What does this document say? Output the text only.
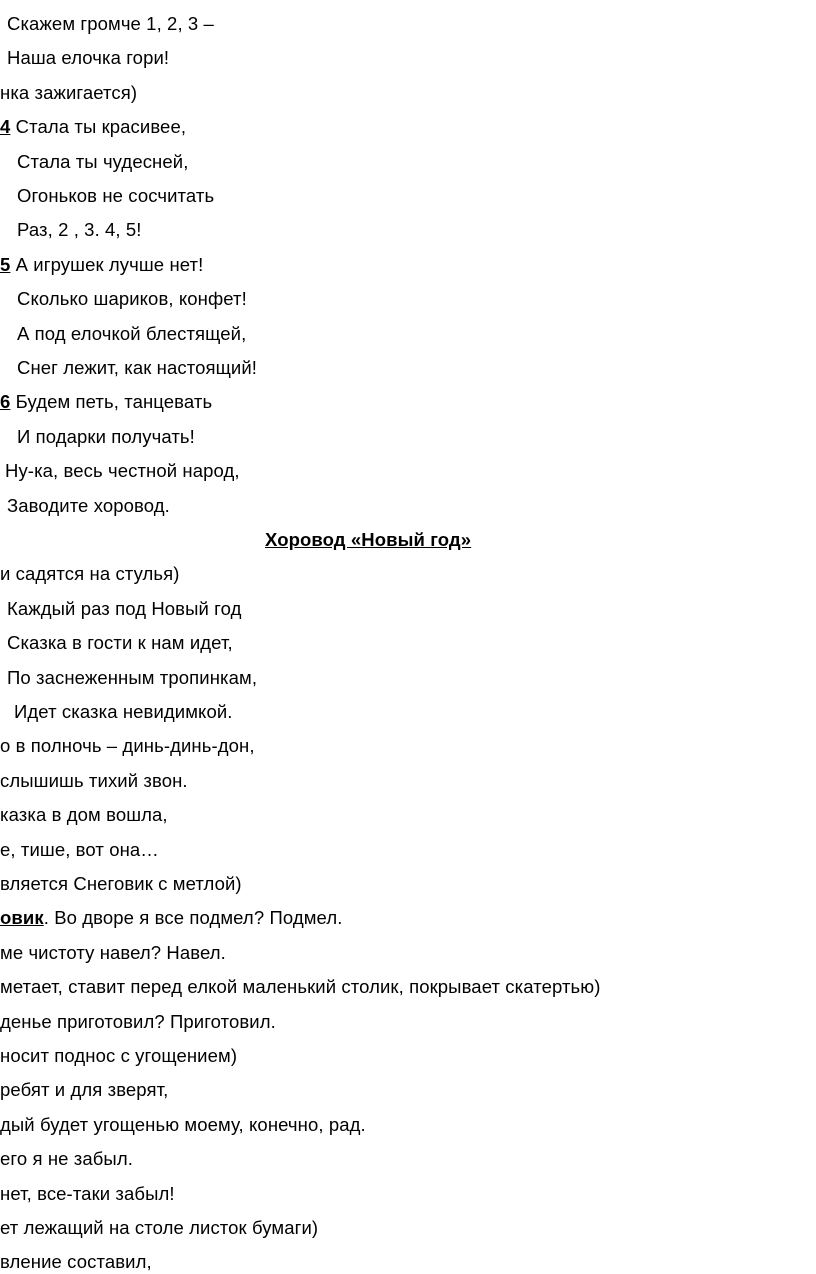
Скажем громче 1, 2, 3 –
Наша елочка гори!
нка зажигается)
4 Стала ты красивее,
Стала ты чудесней,
Огоньков не сосчитать
Раз, 2 , 3. 4, 5!
5 А игрушек лучше нет!
Сколько шариков, конфет!
А под елочкой блестящей,
Снег лежит, как настоящий!
6 Будем петь, танцевать
И подарки получать!
Ну-ка, весь честной народ,
Заводите хоровод.
Хоровод «Новый год»
и садятся на стулья)
Каждый раз под Новый год
Сказка в гости к нам идет,
По заснеженным тропинкам,
Идет сказка невидимкой.
о в полночь – динь-динь-дон,
слышишь тихий звон.
казка в дом вошла,
е, тише, вот она…
вляется Снеговик с метлой)
овик. Во дворе я все подмел? Подмел.
ме чистоту навел? Навел.
метает, ставит перед елкой маленький столик, покрывает скатертью)
денье приготовил? Приготовил.
носит поднос с угощением)
ребят и для зверят,
дый будет угощенью моему, конечно, рад.
его я не забыл.
нет, все-таки забыл!
ет лежащий на столе листок бумаги)
вление составил,
